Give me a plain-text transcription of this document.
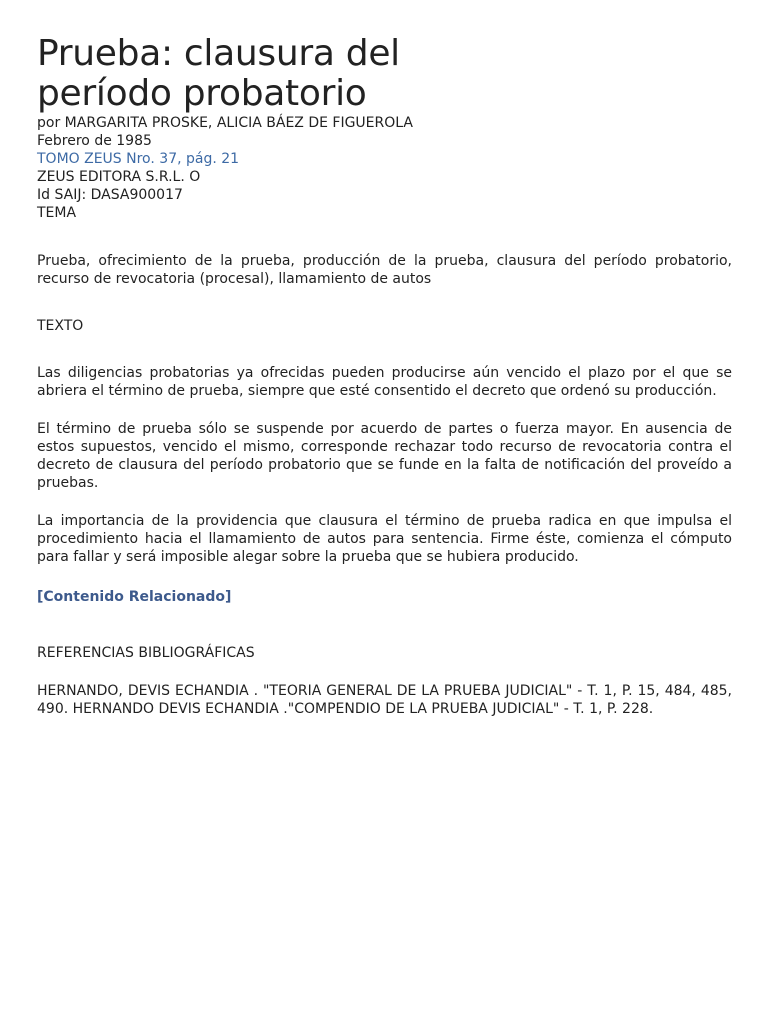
Prueba: clausura del
período probatorio
por MARGARITA PROSKE, ALICIA BÁEZ DE FIGUEROLA
Febrero de 1985
TOMO ZEUS Nro. 37, pág. 21
ZEUS EDITORA S.R.L. O
Id SAIJ: DASA900017
TEMA

Prueba, ofrecimiento de la prueba, producción de la prueba, clausura del período probatorio, recurso de revocatoria (procesal), llamamiento de autos

TEXTO

Las diligencias probatorias ya ofrecidas pueden producirse aún vencido el plazo por el que se abriera el término de prueba, siempre que esté consentido el decreto que ordenó su producción.

El término de prueba sólo se suspende por acuerdo de partes o fuerza mayor. En ausencia de estos supuestos, vencido el mismo, corresponde rechazar todo recurso de revocatoria contra el decreto de clausura del período probatorio que se funde en la falta de notificación del proveído a pruebas.

La importancia de la providencia que clausura el término de prueba radica en que impulsa el procedimiento hacia el llamamiento de autos para sentencia. Firme éste, comienza el cómputo para fallar y será imposible alegar sobre la prueba que se hubiera producido.

[Contenido Relacionado]

REFERENCIAS BIBLIOGRÁFICAS

HERNANDO, DEVIS ECHANDIA . "TEORIA GENERAL DE LA PRUEBA JUDICIAL" - T. 1, P. 15, 484, 485, 490. HERNANDO DEVIS ECHANDIA ."COMPENDIO DE LA PRUEBA JUDICIAL" - T. 1, P. 228.
